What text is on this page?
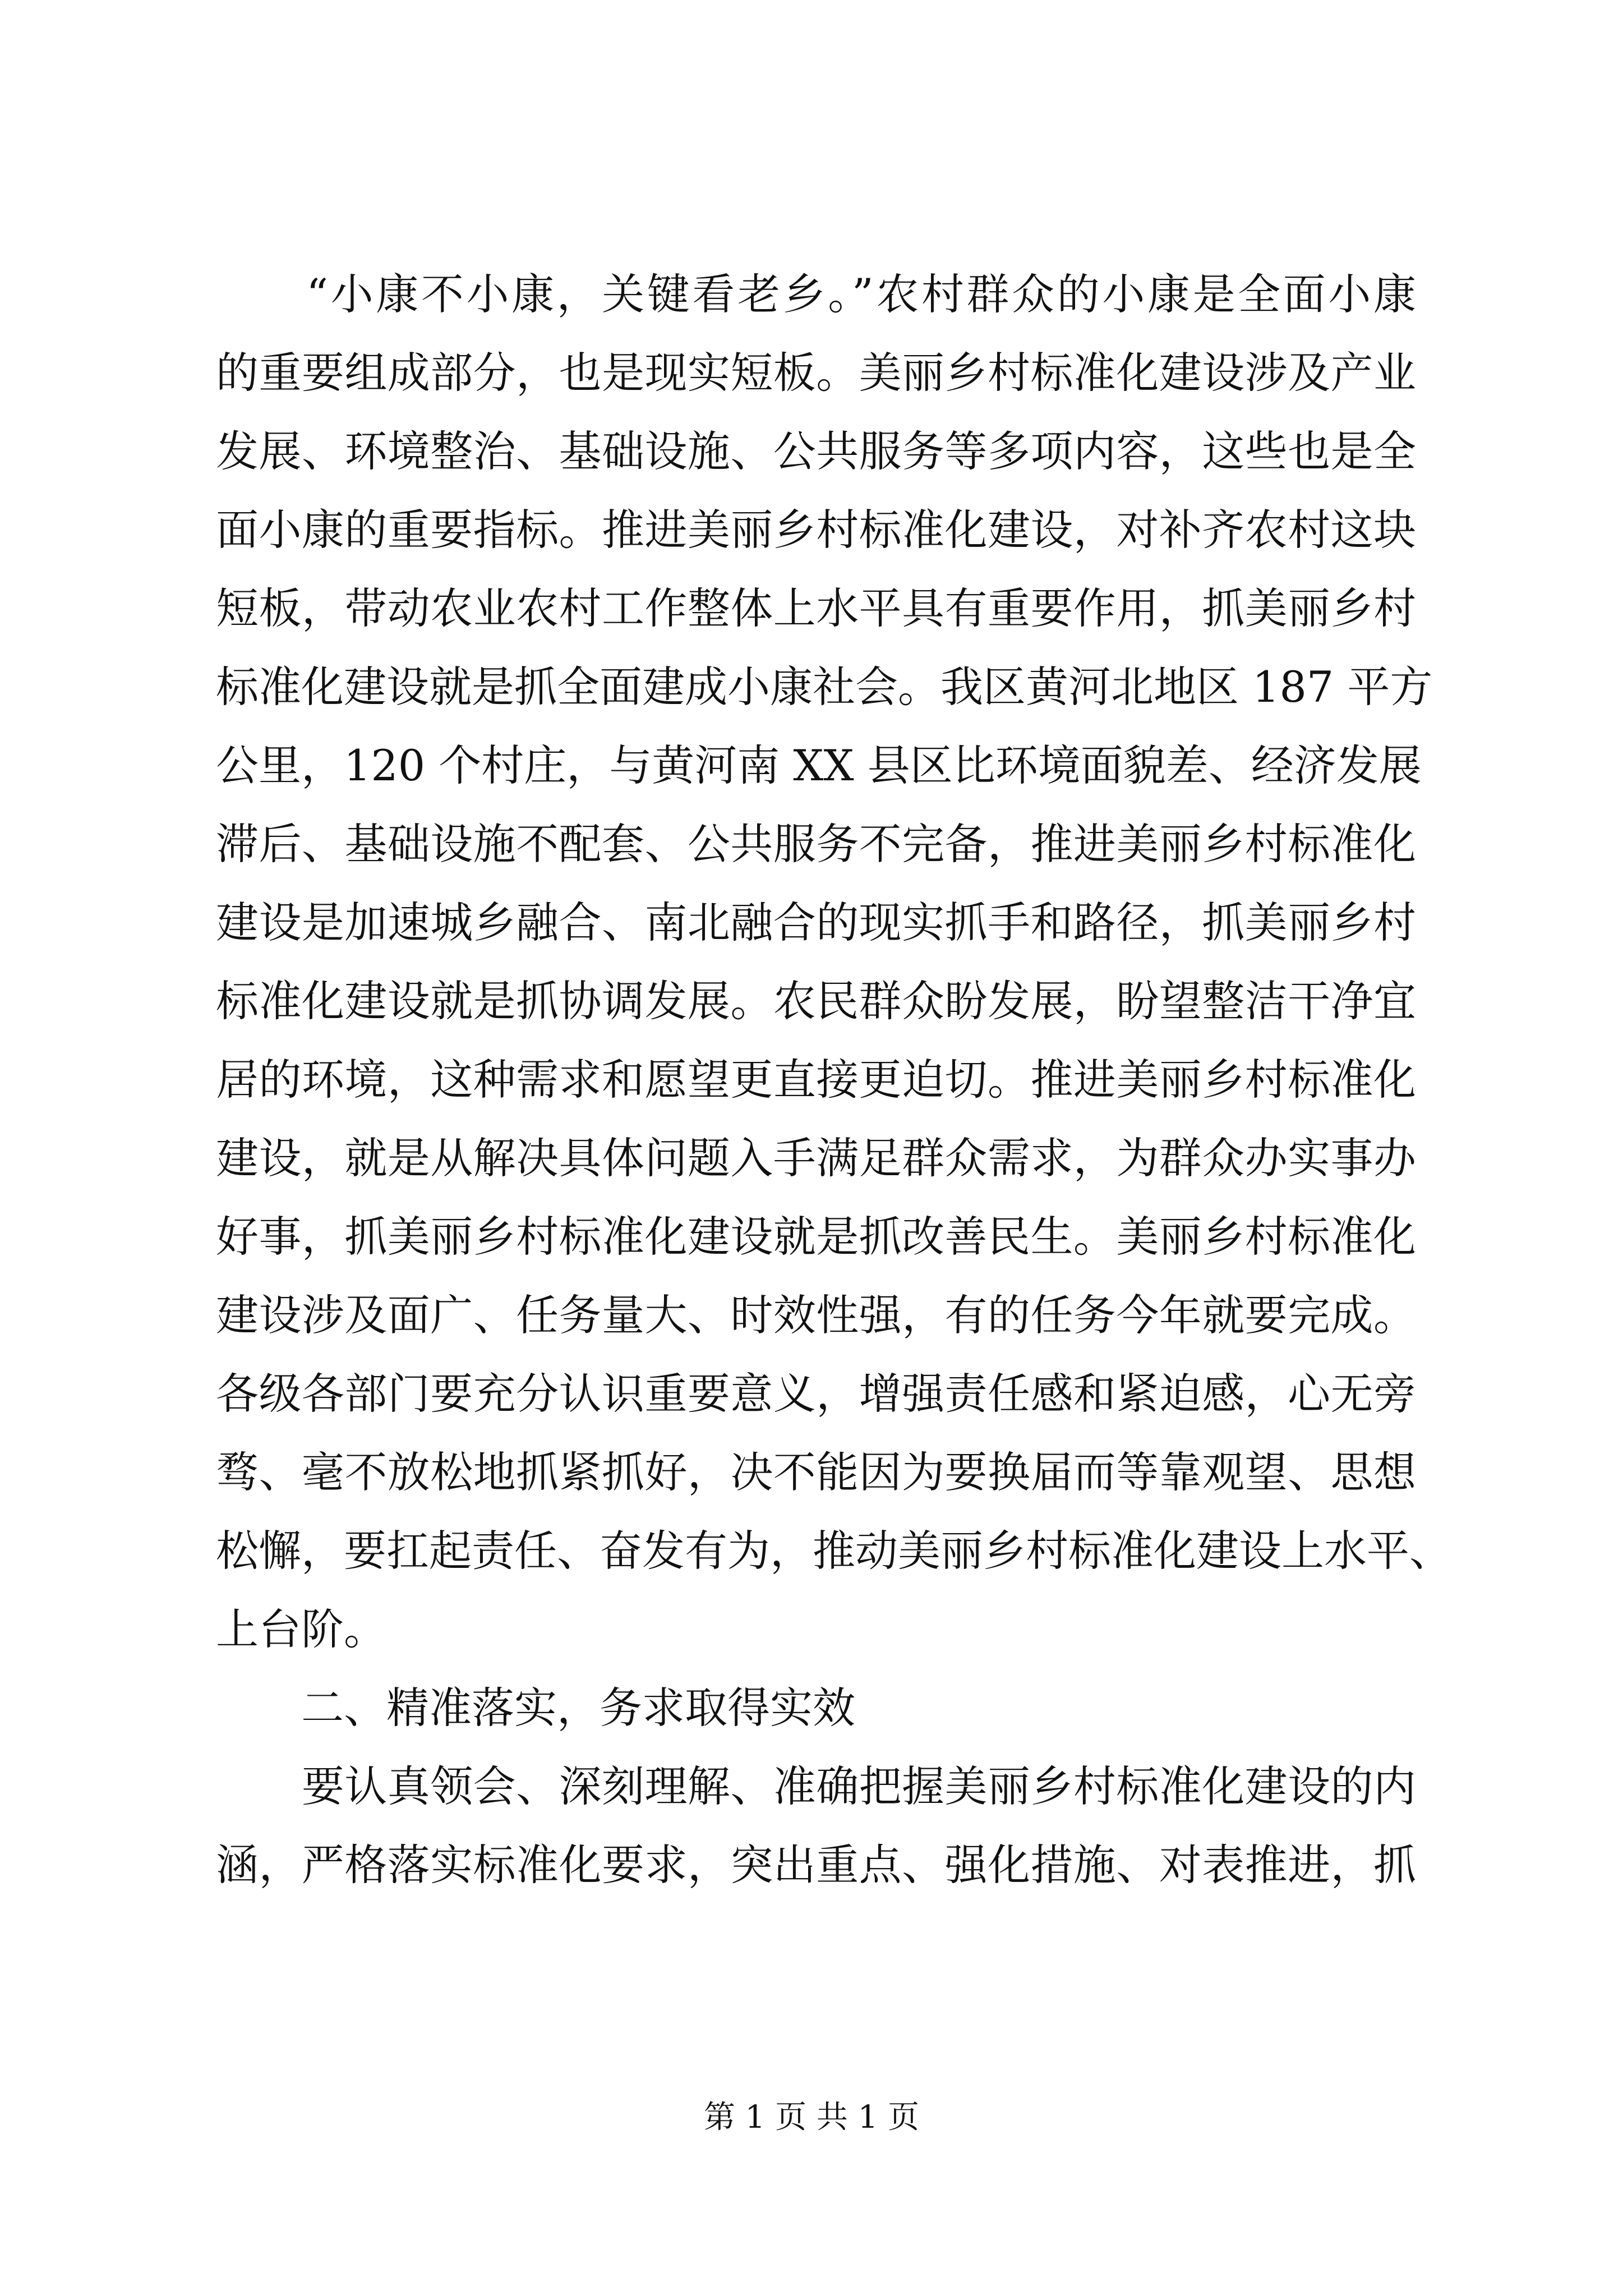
　　“小康不小康，关键看老乡。”农村群众的小康是全面小康
的重要组成部分，也是现实短板。美丽乡村标准化建设涉及产业
发展、环境整治、基础设施、公共服务等多项内容，这些也是全
面小康的重要指标。推进美丽乡村标准化建设，对补齐农村这块
短板，带动农业农村工作整体上水平具有重要作用，抓美丽乡村
标准化建设就是抓全面建成小康社会。我区黄河北地区 187 平方
公里，120 个村庄，与黄河南 XX 县区比环境面貌差、经济发展
滞后、基础设施不配套、公共服务不完备，推进美丽乡村标准化
建设是加速城乡融合、南北融合的现实抓手和路径，抓美丽乡村
标准化建设就是抓协调发展。农民群众盼发展，盼望整洁干净宜
居的环境，这种需求和愿望更直接更迫切。推进美丽乡村标准化
建设，就是从解决具体问题入手满足群众需求，为群众办实事办
好事，抓美丽乡村标准化建设就是抓改善民生。美丽乡村标准化
建设涉及面广、任务量大、时效性强，有的任务今年就要完成。
各级各部门要充分认识重要意义，增强责任感和紧迫感，心无旁
骛、毫不放松地抓紧抓好，决不能因为要换届而等靠观望、思想
松懈，要扛起责任、奋发有为，推动美丽乡村标准化建设上水平、
上台阶。
　　二、精准落实，务求取得实效
　　要认真领会、深刻理解、准确把握美丽乡村标准化建设的内
涵，严格落实标准化要求，突出重点、强化措施、对表推进，抓
第 1 页 共 1 页
